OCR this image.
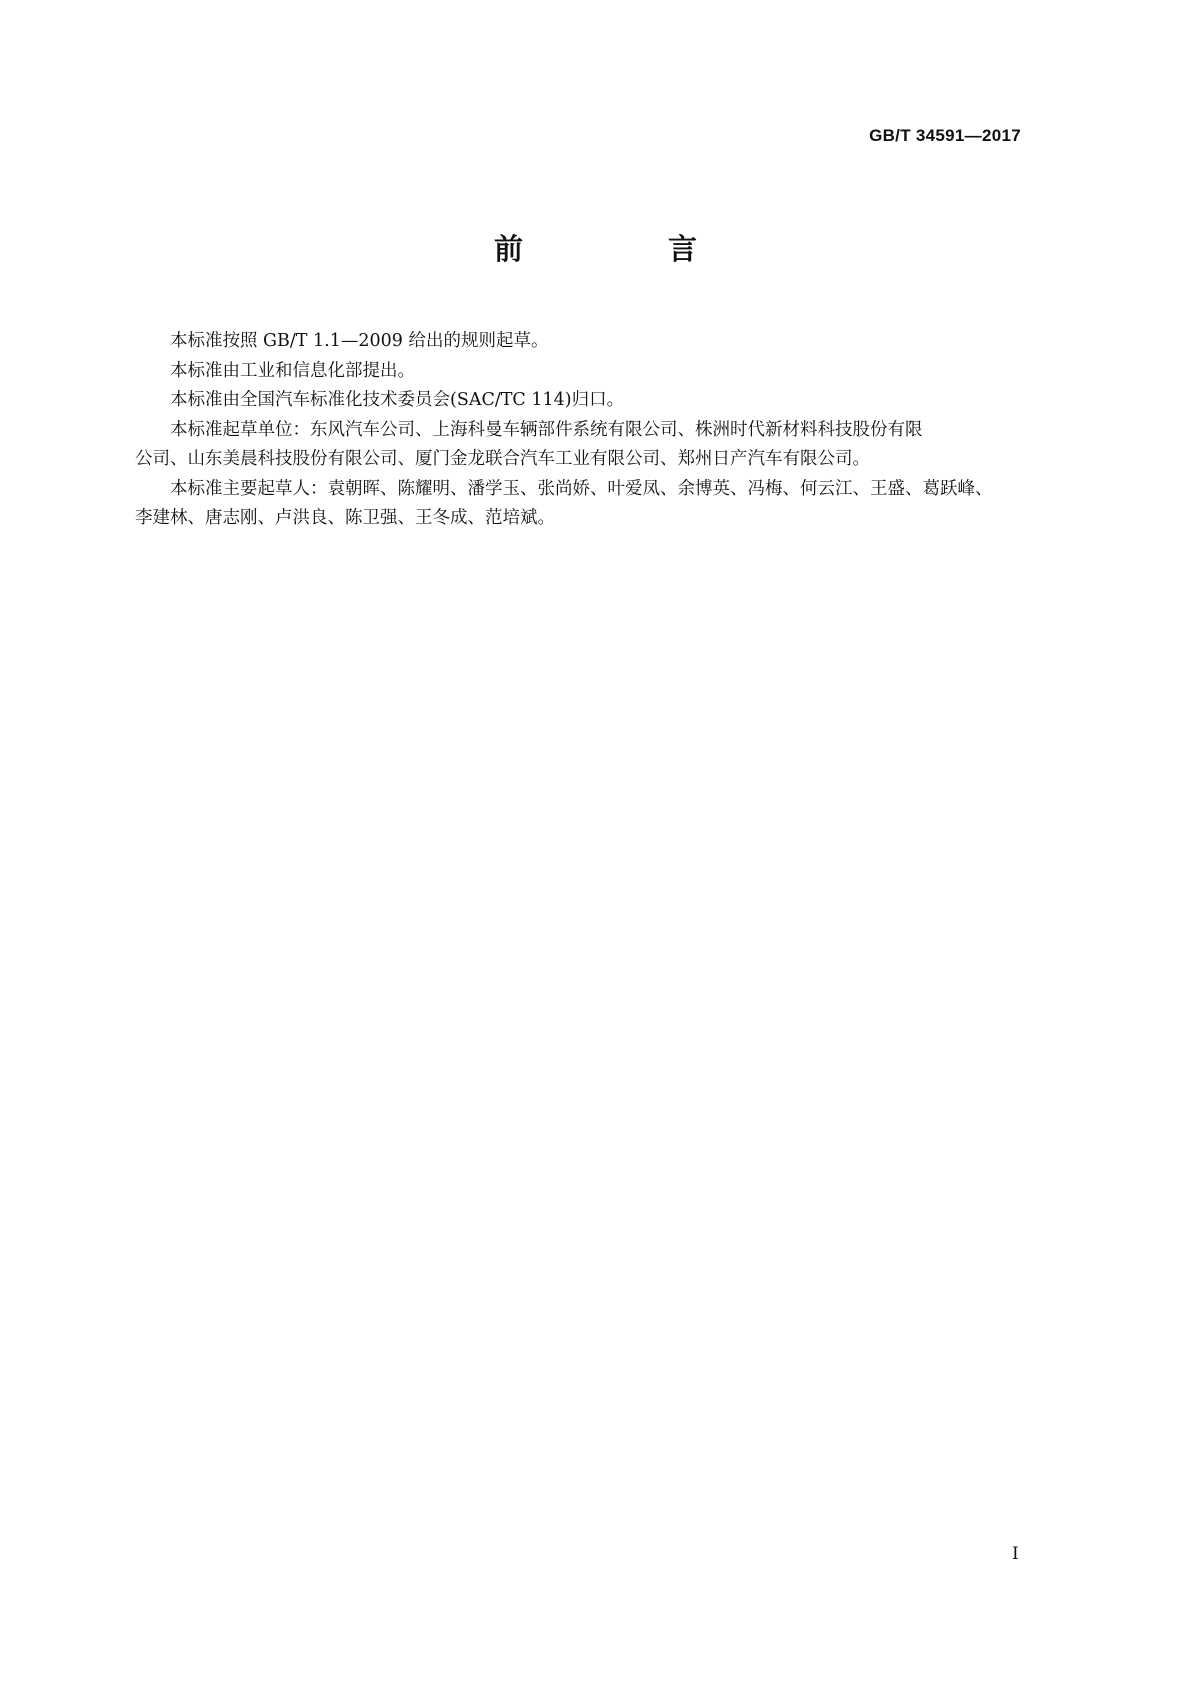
GB/T 34591—2017
前　言

本标准按照 GB/T 1.1—2009 给出的规则起草。

本标准由工业和信息化部提出。

本标准由全国汽车标准化技术委员会(SAC/TC 114)归口。

本标准起草单位：东风汽车公司、上海科曼车辆部件系统有限公司、株洲时代新材料科技股份有限
公司、山东美晨科技股份有限公司、厦门金龙联合汽车工业有限公司、郑州日产汽车有限公司。

本标准主要起草人：袁朝晖、陈耀明、潘学玉、张尚娇、叶爱凤、余博英、冯梅、何云江、王盛、葛跃峰、
李建林、唐志刚、卢洪良、陈卫强、王冬成、范培斌。

I
